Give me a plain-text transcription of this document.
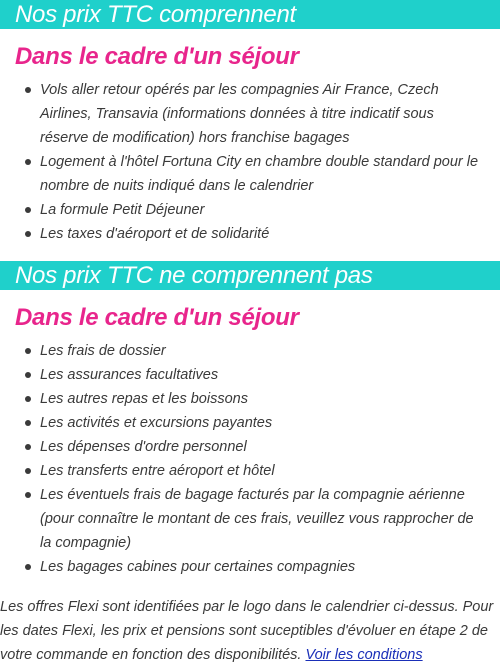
Nos prix TTC comprennent
Dans le cadre d'un séjour
Vols aller retour opérés par les compagnies Air France, Czech Airlines, Transavia (informations données à titre indicatif sous réserve de modification) hors franchise bagages
Logement à l'hôtel Fortuna City en chambre double standard pour le nombre de nuits indiqué dans le calendrier
La formule Petit Déjeuner
Les taxes d'aéroport et de solidarité
Nos prix TTC ne comprennent pas
Dans le cadre d'un séjour
Les frais de dossier
Les assurances facultatives
Les autres repas et les boissons
Les activités et excursions payantes
Les dépenses d'ordre personnel
Les transferts entre aéroport et hôtel
Les éventuels frais de bagage facturés par la compagnie aérienne (pour connaître le montant de ces frais, veuillez vous rapprocher de la compagnie)
Les bagages cabines pour certaines compagnies

Les offres Flexi sont identifiées par le logo dans le calendrier ci-dessus. Pour les dates Flexi, les prix et pensions sont suceptibles d'évoluer en étape 2 de votre commande en fonction des disponibilités. Voir les conditions
